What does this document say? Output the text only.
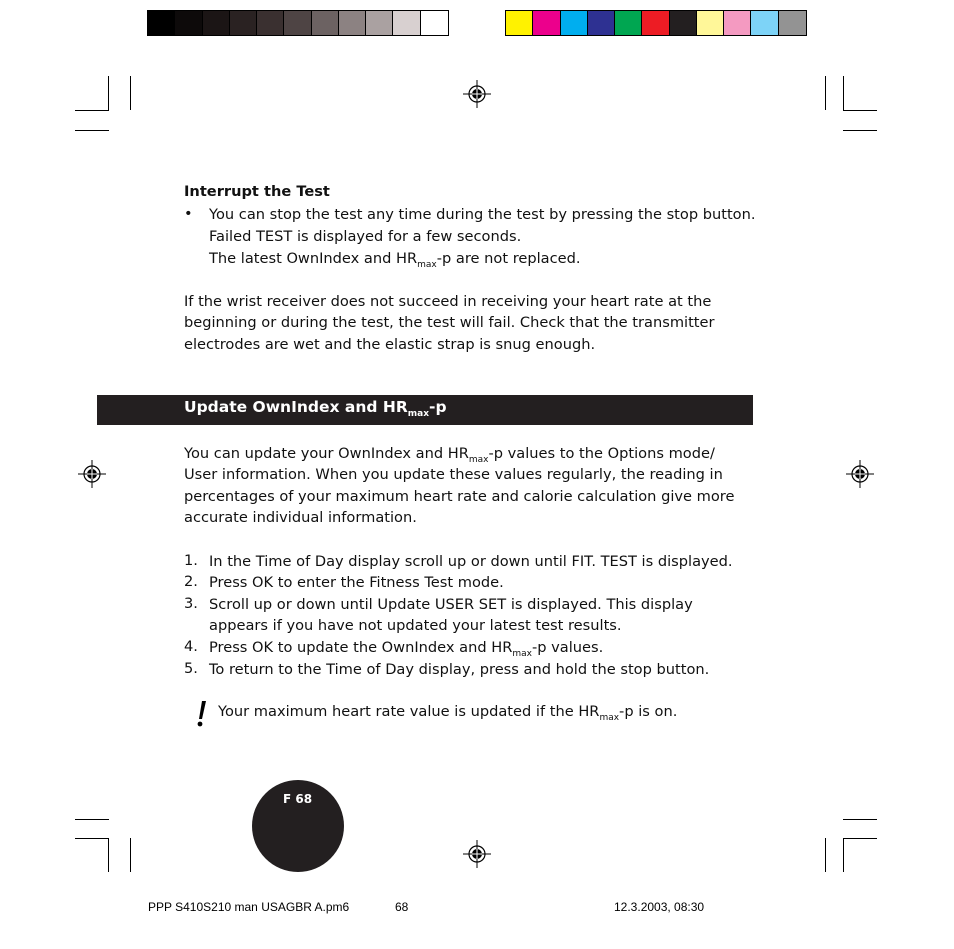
Interrupt the Test
• You can stop the test any time during the test by pressing the stop button.
Failed TEST is displayed for a few seconds.
The latest OwnIndex and $HR_{max}-p$ are not replaced.
If the wrist receiver does not succeed in receiving your heart rate at the
beginning or during the test, the test will fail. Check that the transmitter
electrodes are wet and the elastic strap is snug enough.
Update OwnIndex and $HR_{max}-p$
You can update your OwnIndex and $HR_{max}-p$ values to the Options mode/
User information. When you update these values regularly, the reading in
percentages of your maximum heart rate and calorie calculation give more
accurate individual information.
1. In the Time of Day display scroll up or down until FIT. TEST is displayed.
2. Press OK to enter the Fitness Test mode.
3. Scroll up or down until Update USER SET is displayed. This display
appears if you have not updated your latest test results.
4. Press OK to update the OwnIndex and $HR_{max}-p$ values.
5. To return to the Time of Day display, press and hold the stop button.
Your maximum heart rate value is updated if the $HR_{max}-p$ is on.
F 68
PPP S410S210 man USAGBR A.pm6	68	12.3.2003, 08:30
